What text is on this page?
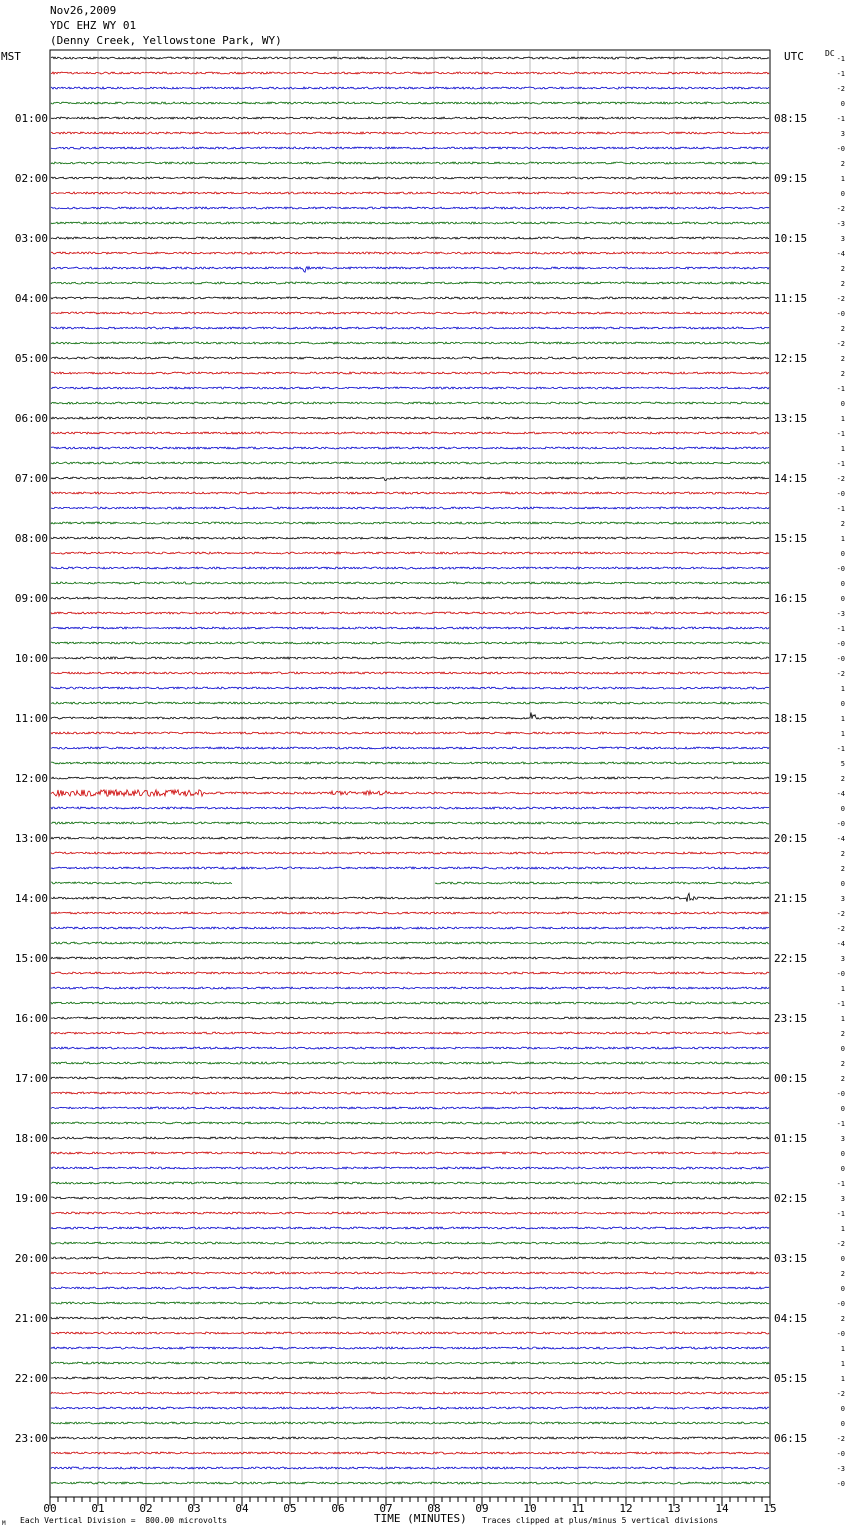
Nov26,2009
YDC EHZ WY 01
(Denny Creek, Yellowstone Park, WY)
MST	UTC	DC
00	01	02	03	04	05	06	07	08	09	10	11	12	13	14	15
-1
-1
-2
0
01:00	08:15	-1
3
-0
2
02:00	09:15	1
0
-2
-3
03:00	10:15	3
-4
2
2
04:00	11:15	-2
-0
2
-2
05:00	12:15	2
2
-1
0
06:00	13:15	1
-1
1
-1
07:00	14:15	-2
-0
-1
2
08:00	15:15	1
0
-0
0
09:00	16:15	0
-3
-1
-0
10:00	17:15	-0
-2
1
0
11:00	18:15	1
1
-1
5
12:00	19:15	2
-4
0
-0
13:00	20:15	-4
2
2
0
14:00	21:15	3
-2
-2
-4
15:00	22:15	3
-0
1
-1
16:00	23:15	1
2
0
2
17:00	00:15	2
-0
0
-1
18:00	01:15	3
0
0
-1
19:00	02:15	3
-1
1
-2
20:00	03:15	0
2
0
-0
21:00	04:15	2
-0
1
1
22:00	05:15	1
-2
0
0
23:00	06:15	-2
-0
-3
-0
TIME (MINUTES)
Each Vertical Division =  800.00 microvolts	Traces clipped at plus/minus 5 vertical divisions
M
